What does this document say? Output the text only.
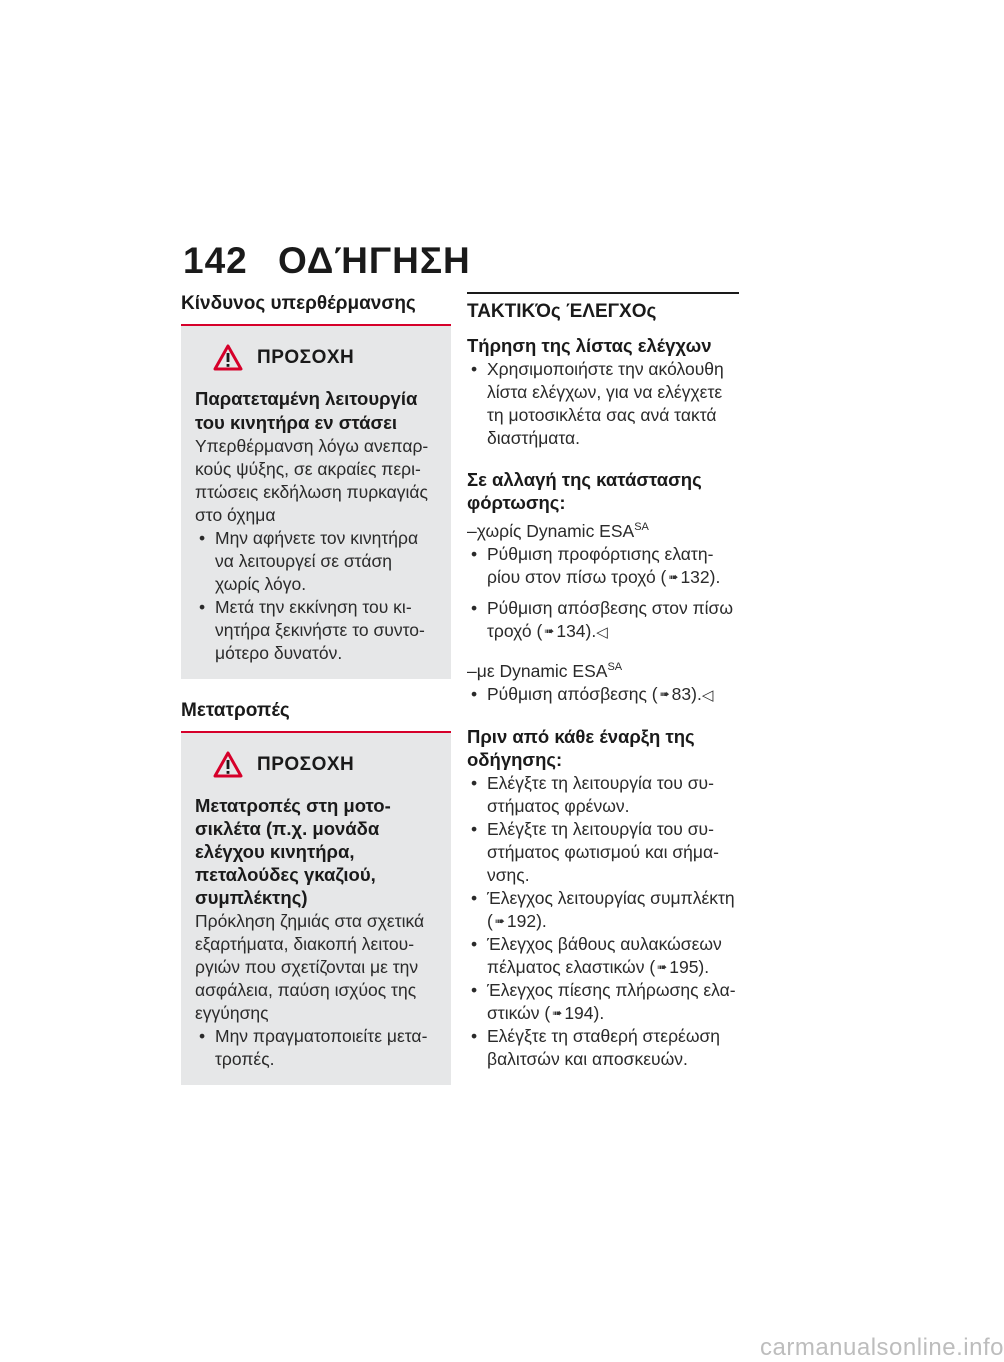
142 ΟΔΉΓΗΣΗ
Κίνδυνος υπερθέρμανσης
ΠΡΟΣΟΧΗ

Παρατεταμένη λειτουργία

του κινητήρα εν στάσει

Υπερθέρμανση λόγω ανεπαρκούς ψύξης, σε ακραίες περιπτώσεις εκδήλωση πυρκαγιάς στο όχημα
• Μην αφήνετε τον κινητήρα να λειτουργεί σε στάση χωρίς λόγο.
• Μετά την εκκίνηση του κινητήρα ξεκινήστε το συντομότερο δυνατόν.
Μετατροπές
ΠΡΟΣΟΧΗ

Μετατροπές στη μοτοσικλέτα (π.χ. μονάδα ελέγχου κινητήρα, πεταλούδες γκαζιού, συμπλέκτης)

Πρόκληση ζημιάς στα σχετικά εξαρτήματα, διακοπή λειτουργιών που σχετίζονται με την ασφάλεια, παύση ισχύος της εγγύησης
• Μην πραγματοποιείτε μετατροπές.
ΤΑΚΤΙΚΌς ΈΛΕΓΧΟς

Τήρηση της λίστας ελέγχων

• Χρησιμοποιήστε την ακόλουθη λίστα ελέγχων, για να ελέγχετε τη μοτοσικλέτα σας ανά τακτά διαστήματα.

Σε αλλαγή της κατάστασης φόρτωσης:

–χωρίς Dynamic $ESA^{SA}$
• Ρύθμιση προφόρτισης ελατηρίου στον πίσω τροχό ( ➠ 132).
• Ρύθμιση απόσβεσης στον πίσω τροχό ( ➠ 134).◁
–με Dynamic $ESA^{SA}$
• Ρύθμιση απόσβεσης ( ➠ 83).◁

Πριν από κάθε έναρξη της οδήγησης:

• Ελέγξτε τη λειτουργία του συστήματος φρένων.
• Ελέγξτε τη λειτουργία του συστήματος φωτισμού και σήμανσης.
• Έλεγχος λειτουργίας συμπλέκτη ( ➠ 192).
• Έλεγχος βάθους αυλακώσεων πέλματος ελαστικών ( ➠ 195).
• Έλεγχος πίεσης πλήρωσης ελαστικών ( ➠ 194).
• Ελέγξτε τη σταθερή στερέωση βαλιτσών και αποσκευών.
carmanualsonline.info
